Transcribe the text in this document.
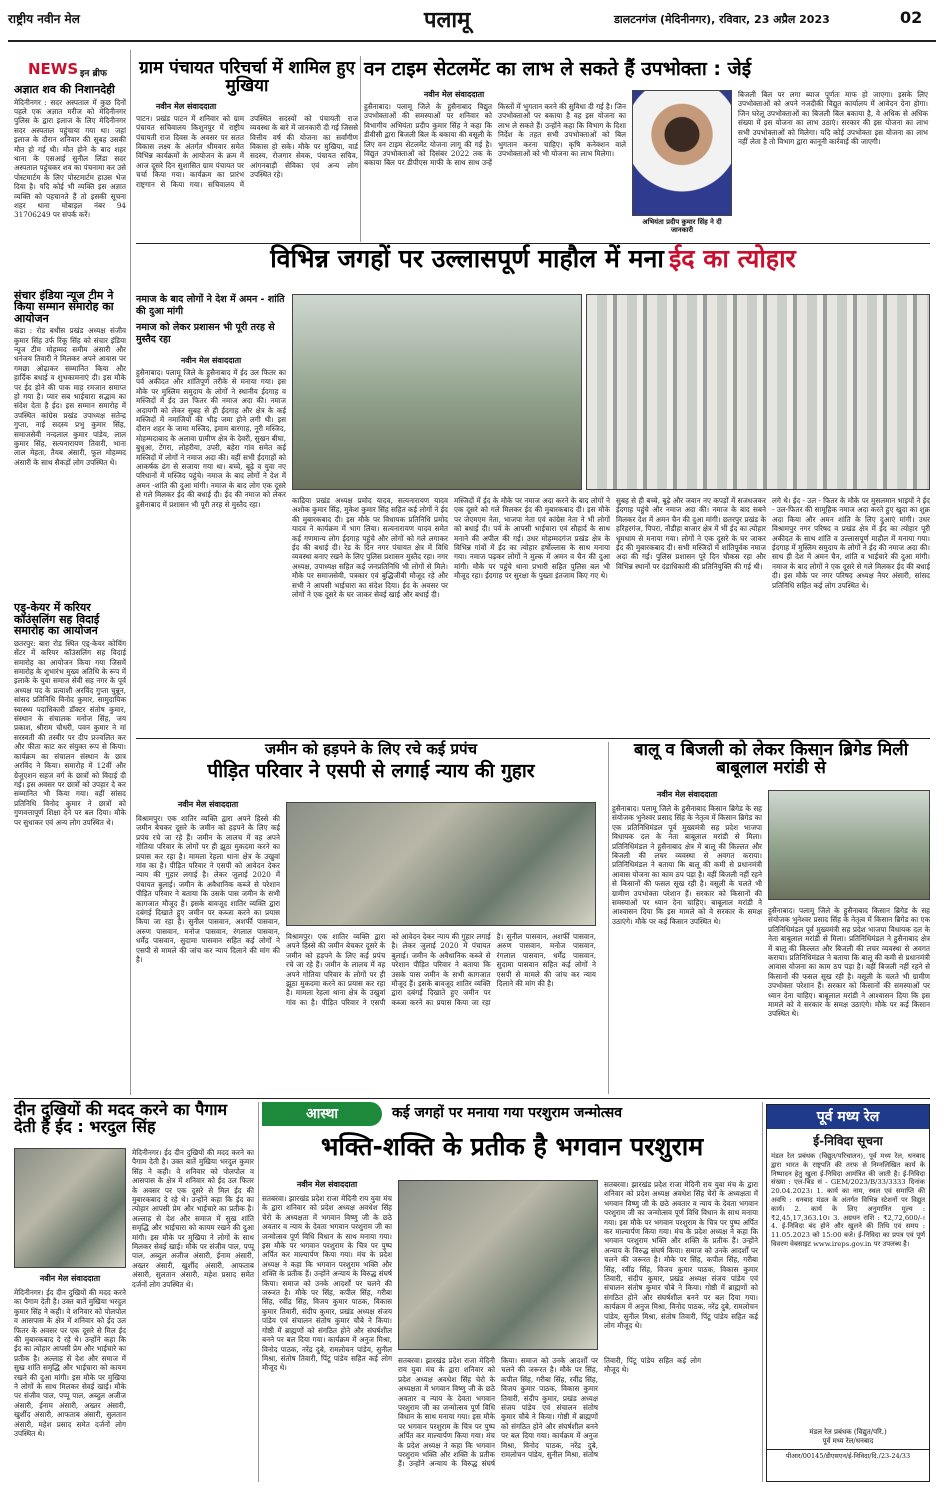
राष्ट्रीय नवीन मेल	पलामू	डालटनगंज (मेदिनीनगर), रविवार, 23 अप्रैल 2023	02
NEWS इन ब्रीफ
अज्ञात शव की निशानदेही
मेदिनीनगर : सदर अस्पताल में कुछ दिनों पहले एक अज्ञात मरीज को मेदिनीनगर पुलिस के द्वारा इलाज के लिए मेदिनीनगर सदर अस्पताल पहुंचाया गया था। जहां इलाज के दौरान शनिवार की सुबह उसकी मौत हो गई थी। मौत होने के बाद शहर थाना के एसआई सुनील लिंडा सदर अस्पताल पहुंचकर शव का पंचनामा कर उसे पोस्टमार्टम के लिए पोस्टमार्टम हाउस भेज दिया है। यदि कोई भी व्यक्ति इस अज्ञात व्यक्ति को पहचानते हैं तो इसकी सूचना शहर थाना मोबाइल नंबर 94 31706249 पर संपर्क करें।
संचार इंडिया न्यूज टीम ने किया सम्मान समारोह का आयोजन
कंडा : रोड बथीस प्रखंड अध्यक्ष संजीव कुमार सिंह उर्फ रिंकू सिंह को संचार इंडिया न्यूज टीम मोहम्मद समीम अंसारी और धनंजय तिवारी ने मिलकर अपने आवास पर गमछा ओढ़ाकर सम्मानित किया और हार्दिक बधाई व शुभकामनाएं दी। इस मौके पर ईद होने की पाक माह रमजान समाप्त हो गया है। प्यार सब भाईचारा सद्भाव का संदेश देता है ईद। इस सम्मान समारोह में उपस्थित कांग्रेस प्रखंड उपाध्यक्ष सतेन्द्र गुप्ता, नाई सदस्य प्रभु कुमार सिंह, समाजसेवी नन्दलाल कुमार पांडेय, लाल कुमार सिंह, सत्यनारायण तिवारी, भाना लाल मेहता, तैयब अंसारी, फूल मोहम्मद अंसारी के साथ सैकड़ों लोग उपस्थित थे।
एड्-केयर में करियर कॉउंसलिंग सह विदाई समारोह का आयोजन
छतरपुर: बारा रोड स्थित एड्-केयर कोचिंग सेंटर में करियर कॉउंसलिंग सह विदाई समारोह का आयोजन किया गया जिसमें समारोह के शुभारंभ मुख्य अतिथि के रूप में इलाके के युवा समाज सेवी सह नगर के पूर्व अध्यक्ष पद के प्रत्याशी अरविंद गुप्ता चुन्नून, सांसद प्रतिनिधि विनोद कुमार, सामुदायिक स्वास्थ्य पदाधिकारी डॉक्टर संतोष कुमार, संस्थान के संचालक मनोज सिंह, जय प्रकाश, श्रीराम चौधरी, पवन कुमार ने मां सरस्वती की तस्वीर पर दीप प्रज्वलित कर और फीता काट कर संयुक्त रूप से किया। कार्यक्रम का संचालन संस्थान के छात्र अरविंद ने किया। समारोह में 12वीं और ग्रेजुएशन सहज वर्ग के छात्रों को विदाई दी गई। इस अवसर पर छात्रों को उपहार दे कर सम्मानित भी किया गया। वहीं सांसद प्रतिनिधि विनोद कुमार ने छात्रों को गुणवत्तापूर्ण शिक्षा देने पर बल दिया। मौके पर सुधाकर एवं अन्य लोग उपस्थित थे।
ग्राम पंचायत परिचर्चा में शामिल हुए मुखिया
नवीन मेल संवाददाता
पाटन। प्रखंड पाटन में शनिवार को ग्राम पंचायत सचिवालय किशुनपुर में राष्ट्रीय पंचायती राज दिवस के अवसर पर सतत विकास लक्ष्य के अंतर्गत थीमवार समेत विभिन्न कार्यक्रमों के आयोजन के क्रम में आज दूसरे दिन सुशासित ग्राम पंचायत पर चर्चा किया गया। कार्यक्रम का प्रारंभ राष्ट्रगान से किया गया। सचिवालय में उपस्थित सदस्यों को पंचायती राज व्यवस्था के बारे में जानकारी दी गई जिससे वित्तीय वर्ष की योजना का सर्वांगीण विकास हो सके। मौके पर मुखिया, वार्ड सदस्य, रोजगार सेवक, पंचायत सचिव, आंगनबाड़ी सेविका एवं अन्य लोग उपस्थित रहे।
वन टाइम सेटलमेंट का लाभ ले सकते हैं उपभोक्ता : जेई
नवीन मेल संवाददाता
हुसैनाबाद। पलामू जिले के हुसैनाबाद विद्युत उपभोक्ताओं की समस्याओं पर शनिवार को विभागीय अभियंता प्रदीप कुमार सिंह ने कहा कि डीवीसी द्वारा बिजली बिल के बकाया की वसूली के लिए वन टाइम सेटलमेंट योजना लागू की गई है। विद्युत उपभोक्ताओं को दिसंबर 2022 तक के बकाया बिल पर डीपीएस माफी के साथ साथ उन्हें किस्तों में भुगतान करने की सुविधा दी गई है। जिन उपभोक्ताओं पर बकाया है वह इस योजना का लाभ ले सकते हैं। उन्होंने कहा कि विभाग के दिशा निर्देश के तहत सभी उपभोक्ताओं को बिल भुगतान करना चाहिए। कृषि कनेक्शन वाले उपभोक्ताओं को भी योजना का लाभ मिलेगा।
अभियंता प्रदीप कुमार सिंह ने दी जानकारी
बिजली बिल पर लगा ब्याज पूर्णतः माफ हो जाएगा। इसके लिए उपभोक्ताओं को अपने नजदीकी विद्युत कार्यालय में आवेदन देना होगा। जिन घरेलू उपभोक्ताओं का बिजली बिल बकाया है, वे अधिक से अधिक संख्या में इस योजना का लाभ उठाएं। सरकार की इस योजना का लाभ सभी उपभोक्ताओं को मिलेगा। यदि कोई उपभोक्ता इस योजना का लाभ नहीं लेता है तो विभाग द्वारा कानूनी कार्रवाई की जाएगी।
विभिन्न जगहों पर उल्लासपूर्ण माहौल में मना ईद का त्योहार
नमाज के बाद लोगों ने देश में अमन - शांति की दुआ मांगी
नमाज को लेकर प्रशासन भी पूरी तरह से मुस्तैद रहा
नवीन मेल संवाददाता
हुसैनाबाद। पलामू जिले के हुसैनाबाद में ईद उल फितर का पर्व अकीदत और शांतिपूर्ण तरीके से मनाया गया। इस मौके पर मुस्लिम समुदाय के लोगों ने स्थानीय ईदगाह व मस्जिदों में ईद उल फितर की नमाज अदा की। नमाज अदायगी को लेकर सुबह से ही ईदगाह और क्षेत्र के कई मस्जिदों में नमाजियों की भीड़ जमा होने लगी थी। इस दौरान शहर के जामा मस्जिद, इमाम बारगाह, नूरी मस्जिद, मोहम्मदाबाद के अलावा ग्रामीण क्षेत्र के देवरी, सुखन बीघा, बुधुआ, टेंगरा, लोहरीया, उपरी, बहेरा गांव समेत कई मस्जिदों में लोगों ने नमाज अदा की। वहीं सभी ईदगाहों को आकर्षक ढंग से सजाया गया था। बच्चे, बूढ़े व युवा नए परिधानों में मस्जिद पहुंचे। नमाज के बाद लोगों ने देश में अमन -शांति की दुआ मांगी। नमाज के बाद लोग एक दूसरे से गले मिलकर ईद की बधाई दी। ईद की नमाज को लेकर हुसैनाबाद में प्रशासन भी पूरी तरह से मुस्तैद रहा।	काद्रिया प्रखंड अध्यक्ष प्रमोद यादव, सत्यनारायण यादव अशोक कुमार सिंह, मुकेश कुमार सिंह सहित कई लोगों ने ईद की मुबारकबाद दी। इस मौके पर विधायक प्रतिनिधि प्रमोद यादव ने कार्यक्रम में भाग लिया। सत्यनारायण यादव समेत कई गणमान्य लोग ईदगाह पहुंचे और लोगों को गले लगाकर ईद की बधाई दी। रेड के दिन नगर पंचायत क्षेत्र में विधि व्यवस्था बनाए रखने के लिए पुलिस प्रशासन मुस्तैद रहा। नगर अध्यक्ष, उपाध्यक्ष सहित कई जनप्रतिनिधि भी लोगों से मिले। मौके पर समाजसेवी, पत्रकार एवं बुद्धिजीवी मौजूद रहे और सभी ने आपसी भाईचारा का संदेश दिया। ईद के अवसर पर लोगों ने एक दूसरे के घर जाकर सेवई खाई और बधाई दी।
मस्जिदों में ईद के मौके पर नमाज अदा करने के बाद लोगों ने एक दूसरे को गले मिलकर ईद की मुबारकबाद दी। इस मौके पर जेएमएम नेता, भाजपा नेता एवं कांग्रेस नेता ने भी लोगों को बधाई दी। पर्व के आपसी भाईचारा एवं सौहार्द के साथ मनाने की अपील की गई। उधर मोहम्मदगंज प्रखंड क्षेत्र के विभिन्न गांवों में ईद का त्योहार हर्षोल्लास के साथ मनाया गया। नमाज पढ़कर लोगों ने मुल्क में अमन व चैन की दुआ मांगी। मौके पर पहुंचे थाना प्रभारी सहित पुलिस बल भी मौजूद रहा। ईदगाह पर सुरक्षा के पुख्ता इंतजाम किए गए थे।
सुबह से ही बच्चे, बूढ़े और जवान नए कपड़ों में सजधजकर ईदगाह पहुंचे और नमाज अदा की। नमाज के बाद सबने मिलकर देश में अमन चैन की दुआ मांगी। छतरपुर प्रखंड के हरिहरगंज, पिपरा, नौडीहा बाजार क्षेत्र में भी ईद का त्योहार धूमधाम से मनाया गया। लोगों ने एक दूसरे के घर जाकर ईद की मुबारकबाद दी। सभी मस्जिदों में शांतिपूर्वक नमाज अदा की गई। पुलिस प्रशासन पूरे दिन चौकस रहा और विभिन्न स्थानों पर दंडाधिकारी की प्रतिनियुक्ति की गई थी।
लगे थे। ईद - उल - फितर के मौके पर मुसलमान भाइयों ने ईद - उल-फितर की सामूहिक नमाज अदा करते हुए खुदा का शुक्र अदा किया और अमन शांति के लिए दुआएं मांगी। उधर विश्रामपुर नगर परिषद व प्रखंड क्षेत्र में ईद का त्योहार पूरी अकीदत के साथ शांति व उल्लासपूर्ण माहौल में मनाया गया। ईदगाह में मुस्लिम समुदाय के लोगों ने ईद की नमाज अदा की। साथ ही देश में अमन चैन, शांति व भाईचारे की दुआ मांगी। नमाज के बाद लोगों ने एक दूसरे से गले मिलकर ईद की बधाई दी। इस मौके पर नगर परिषद अध्यक्ष नैयर अंसारी, सांसद प्रतिनिधि सहित कई लोग उपस्थित थे।
जमीन को हड़पने के लिए रचे कई प्रपंच
पीड़ित परिवार ने एसपी से लगाई न्याय की गुहार
नवीन मेल संवाददाता
विश्रामपुर। एक शातिर व्यक्ति द्वारा अपने हिस्से की जमीन बेचकर दूसरे के जमीन को हड़पने के लिए कई प्रपंच रचे जा रहे हैं। जमीन के लालच में वह अपने गोतिया परिवार के लोगों पर ही झूठा मुकदमा करने का प्रयास कर रहा है। मामला रेहला थाना क्षेत्र के उखुवां गांव का है। पीड़ित परिवार ने एसपी को आवेदन देकर न्याय की गुहार लगाई है। लेकर जुलाई 2020 में पंचायत बुलाई। जमीन के अवैधानिक कब्जे से परेशान पीड़ित परिवार ने बताया कि उसके पास जमीन के सभी कागजात मौजूद हैं। इसके बावजूद शातिर व्यक्ति द्वारा दबंगई दिखाते हुए जमीन पर कब्जा करने का प्रयास किया जा रहा है। सुनील पासवान, अशर्फी पासवान, अरुण पासवान, मनोज पासवान, रंगलाल पासवान, धर्मेंद्र पासवान, सुदामा पासवान सहित कई लोगों ने एसपी से मामले की जांच कर न्याय दिलाने की मांग की है।
विश्रामपुर। एक शातिर व्यक्ति द्वारा अपने हिस्से की जमीन बेचकर दूसरे के जमीन को हड़पने के लिए कई प्रपंच रचे जा रहे हैं। जमीन के लालच में वह अपने गोतिया परिवार के लोगों पर ही झूठा मुकदमा करने का प्रयास कर रहा है। मामला रेहला थाना क्षेत्र के उखुवां गांव का है। पीड़ित परिवार ने एसपी को आवेदन देकर न्याय की गुहार लगाई है। लेकर जुलाई 2020 में पंचायत बुलाई। जमीन के अवैधानिक कब्जे से परेशान पीड़ित परिवार ने बताया कि उसके पास जमीन के सभी कागजात मौजूद हैं। इसके बावजूद शातिर व्यक्ति द्वारा दबंगई दिखाते हुए जमीन पर कब्जा करने का प्रयास किया जा रहा है। सुनील पासवान, अशर्फी पासवान, अरुण पासवान, मनोज पासवान, रंगलाल पासवान, धर्मेंद्र पासवान, सुदामा पासवान सहित कई लोगों ने एसपी से मामले की जांच कर न्याय दिलाने की मांग की है।
बालू व बिजली को लेकर किसान ब्रिगेड मिली बाबूलाल मरांडी से
नवीन मेल संवाददाता
हुसैनाबाद। पलामू जिले के हुसैनाबाद किसान ब्रिगेड के सह संयोजक भुनेश्वर प्रसाद सिंह के नेतृत्व में किसान ब्रिगेड का एक प्रतिनिधिमंडल पूर्व मुख्यमंत्री सह प्रदेश भाजपा विधायक दल के नेता बाबूलाल मरांडी से मिला। प्रतिनिधिमंडल ने हुसैनाबाद क्षेत्र में बालू की किल्लत और बिजली की लचर व्यवस्था से अवगत कराया। प्रतिनिधिमंडल ने बताया कि बालू की कमी से प्रधानमंत्री आवास योजना का काम ठप पड़ा है। वहीं बिजली नहीं रहने से किसानों की फसल सूख रही है। वसूली के चलते भी ग्रामीण उपभोक्ता परेशान हैं। सरकार को किसानों की समस्याओं पर ध्यान देना चाहिए। बाबूलाल मरांडी ने आश्वासन दिया कि इस मामले को वे सरकार के समक्ष उठाएंगे। मौके पर कई किसान उपस्थित थे।
हुसैनाबाद। पलामू जिले के हुसैनाबाद किसान ब्रिगेड के सह संयोजक भुनेश्वर प्रसाद सिंह के नेतृत्व में किसान ब्रिगेड का एक प्रतिनिधिमंडल पूर्व मुख्यमंत्री सह प्रदेश भाजपा विधायक दल के नेता बाबूलाल मरांडी से मिला। प्रतिनिधिमंडल ने हुसैनाबाद क्षेत्र में बालू की किल्लत और बिजली की लचर व्यवस्था से अवगत कराया। प्रतिनिधिमंडल ने बताया कि बालू की कमी से प्रधानमंत्री आवास योजना का काम ठप पड़ा है। वहीं बिजली नहीं रहने से किसानों की फसल सूख रही है। वसूली के चलते भी ग्रामीण उपभोक्ता परेशान हैं। सरकार को किसानों की समस्याओं पर ध्यान देना चाहिए। बाबूलाल मरांडी ने आश्वासन दिया कि इस मामले को वे सरकार के समक्ष उठाएंगे। मौके पर कई किसान उपस्थित थे।
दीन दुखियों की मदद करने का पैगाम देती है ईद : भरदुल सिंह
नवीन मेल संवाददाता
मेदिनीनगर। ईद दीन दुखियों की मदद करने का पैगाम देती है। उक्त बातें मुखिया भरदुल कुमार सिंह ने कही। वे शनिवार को पोलपोल व आसपास के क्षेत्र में शनिवार को ईद उल फितर के अवसर पर एक दूसरे से मिल ईद की मुबारकबाद दे रहे थे। उन्होंने कहा कि ईद का त्योहार आपसी प्रेम और भाईचारे का प्रतीक है। अल्लाह से देश और समाज में सुख शांति समृद्धि और भाईचारा को कायम रखने की दुआ मांगी। इस मौके पर मुखिया ने लोगों के साथ मिलकर सेवई खाई। मौके पर संजीव पाल, पप्पू पाल, अब्दुल अजीज अंसारी, ईनाम अंसारी, अख्तर अंसारी, खुर्शीद अंसारी, आफताब अंसारी, सुलतान अंसारी, महेश प्रसाद समेत दर्जनों लोग उपस्थित थे।
मेदिनीनगर। ईद दीन दुखियों की मदद करने का पैगाम देती है। उक्त बातें मुखिया भरदुल कुमार सिंह ने कही। वे शनिवार को पोलपोल व आसपास के क्षेत्र में शनिवार को ईद उल फितर के अवसर पर एक दूसरे से मिल ईद की मुबारकबाद दे रहे थे। उन्होंने कहा कि ईद का त्योहार आपसी प्रेम और भाईचारे का प्रतीक है। अल्लाह से देश और समाज में सुख शांति समृद्धि और भाईचारा को कायम रखने की दुआ मांगी। इस मौके पर मुखिया ने लोगों के साथ मिलकर सेवई खाई। मौके पर संजीव पाल, पप्पू पाल, अब्दुल अजीज अंसारी, ईनाम अंसारी, अख्तर अंसारी, खुर्शीद अंसारी, आफताब अंसारी, सुलतान अंसारी, महेश प्रसाद समेत दर्जनों लोग उपस्थित थे।
आस्था	कई जगहों पर मनाया गया परशुराम जन्मोत्सव
भक्ति-शक्ति के प्रतीक है भगवान परशुराम
नवीन मेल संवाददाता
सतबरवा। झारखंड प्रदेश राजा मेदिनी राय युवा मंच के द्वारा शनिवार को प्रदेश अध्यक्ष अवधेश सिंह चेरो के अध्यक्षता में भगवान विष्णु जी के छठे अवतार व न्याय के देवता भगवान परशुराम जी का जन्मोत्सव पूर्ण विधि विधान के साथ मनाया गया। इस मौके पर भगवान परशुराम के चित्र पर पुष्प अर्पित कर माल्यार्पण किया गया। मंच के प्रदेश अध्यक्ष ने कहा कि भगवान परशुराम भक्ति और शक्ति के प्रतीक हैं। उन्होंने अन्याय के विरुद्ध संघर्ष किया। समाज को उनके आदर्शों पर चलने की जरूरत है। मौके पर सिंह, कपील सिंह, गरीबा सिंह, रवींद्र सिंह, विजय कुमार पाठक, विकास कुमार तिवारी, संदीप कुमार, प्रखंड अध्यक्ष संजय पांडेय एवं संचालन संतोष कुमार चौबे ने किया। गोष्ठी में ब्राह्मणों को संगठित होने और संघर्षशील बनने पर बल दिया गया। कार्यक्रम में अनुज मिश्रा, विनोद पाठक, नरेंद्र दुबे, रामलोचन पांडेय, सुनील मिश्रा, संतोष तिवारी, पिंटू पांडेय सहित कई लोग मौजूद थे।
सतबरवा। झारखंड प्रदेश राजा मेदिनी राय युवा मंच के द्वारा शनिवार को प्रदेश अध्यक्ष अवधेश सिंह चेरो के अध्यक्षता में भगवान विष्णु जी के छठे अवतार व न्याय के देवता भगवान परशुराम जी का जन्मोत्सव पूर्ण विधि विधान के साथ मनाया गया। इस मौके पर भगवान परशुराम के चित्र पर पुष्प अर्पित कर माल्यार्पण किया गया। मंच के प्रदेश अध्यक्ष ने कहा कि भगवान परशुराम भक्ति और शक्ति के प्रतीक हैं। उन्होंने अन्याय के विरुद्ध संघर्ष किया। समाज को उनके आदर्शों पर चलने की जरूरत है। मौके पर सिंह, कपील सिंह, गरीबा सिंह, रवींद्र सिंह, विजय कुमार पाठक, विकास कुमार तिवारी, संदीप कुमार, प्रखंड अध्यक्ष संजय पांडेय एवं संचालन संतोष कुमार चौबे ने किया। गोष्ठी में ब्राह्मणों को संगठित होने और संघर्षशील बनने पर बल दिया गया। कार्यक्रम में अनुज मिश्रा, विनोद पाठक, नरेंद्र दुबे, रामलोचन पांडेय, सुनील मिश्रा, संतोष तिवारी, पिंटू पांडेय सहित कई लोग मौजूद थे।
सतबरवा। झारखंड प्रदेश राजा मेदिनी राय युवा मंच के द्वारा शनिवार को प्रदेश अध्यक्ष अवधेश सिंह चेरो के अध्यक्षता में भगवान विष्णु जी के छठे अवतार व न्याय के देवता भगवान परशुराम जी का जन्मोत्सव पूर्ण विधि विधान के साथ मनाया गया। इस मौके पर भगवान परशुराम के चित्र पर पुष्प अर्पित कर माल्यार्पण किया गया। मंच के प्रदेश अध्यक्ष ने कहा कि भगवान परशुराम भक्ति और शक्ति के प्रतीक हैं। उन्होंने अन्याय के विरुद्ध संघर्ष किया। समाज को उनके आदर्शों पर चलने की जरूरत है। मौके पर सिंह, कपील सिंह, गरीबा सिंह, रवींद्र सिंह, विजय कुमार पाठक, विकास कुमार तिवारी, संदीप कुमार, प्रखंड अध्यक्ष संजय पांडेय एवं संचालन संतोष कुमार चौबे ने किया। गोष्ठी में ब्राह्मणों को संगठित होने और संघर्षशील बनने पर बल दिया गया। कार्यक्रम में अनुज मिश्रा, विनोद पाठक, नरेंद्र दुबे, रामलोचन पांडेय, सुनील मिश्रा, संतोष तिवारी, पिंटू पांडेय सहित कई लोग मौजूद थे।
पूर्व मध्य रेल
ई-निविदा सूचना
मंडल रेल प्रबंधक (विद्युत/परिचालन), पूर्व मध्य रेल, धनबाद द्वारा भारत के राष्ट्रपति की तरफ से निम्नलिखित कार्य के निष्पादन हेतु खुला ई-निविदा आमंत्रित की जाती है। ई-निविदा संख्या : एल-बिड सं - GEM/2023/B/33/3333 दिनांक 20.04.2023। 1. कार्य का नाम, स्थल एवं समाप्ति की अवधि : धनबाद मंडल के अंतर्गत विभिन्न स्टेशनों पर विद्युत कार्य। 2. कार्य के लिए अनुमानित मूल्य : ₹2,45,17,363.10। 3. अग्रधन राशि : ₹2,72,600/-। 4. ई-निविदा बंद होने और खुलने की तिथि एवं समय : 11.05.2023 को 15:00 बजे। ई-निविदा का प्रपत्र एवं पूर्ण विवरण वेबसाइट www.ireps.gov.in पर उपलब्ध है।
मंडल रेल प्रबंधक (विद्युत/परि.)
पूर्व मध्य रेल/धनबाद
पीआर/00145/डीएसएन/ई-निविदा/दि./23-24/33
